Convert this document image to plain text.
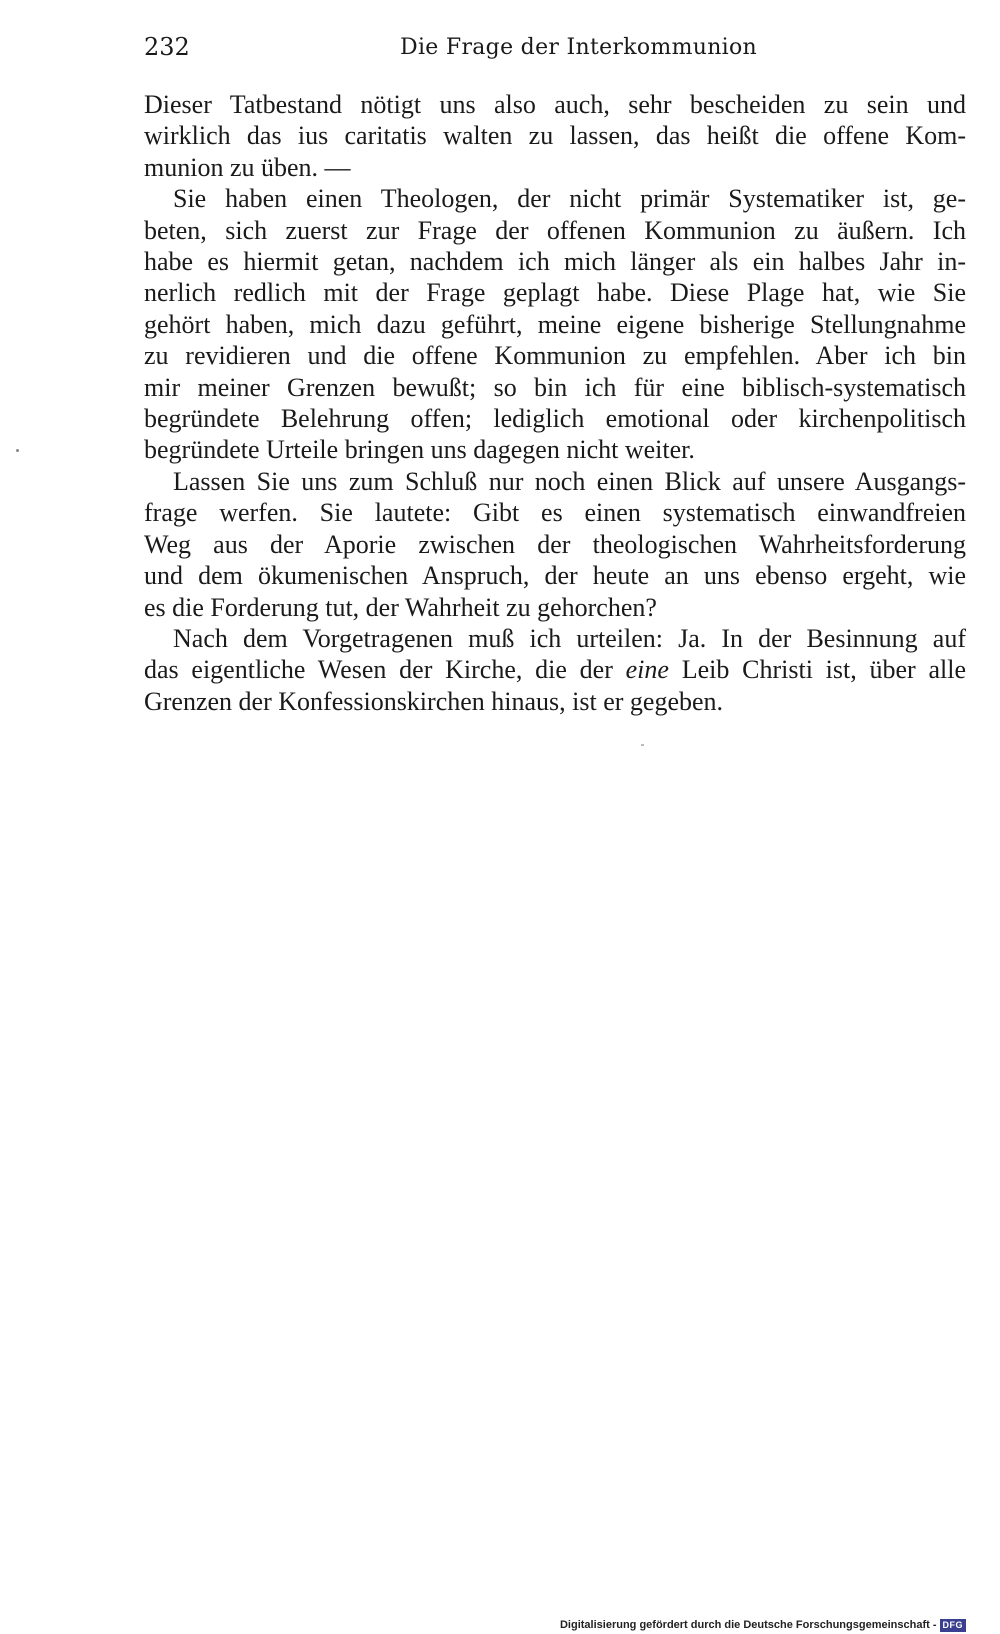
232	Die Frage der Interkommunion
Dieser Tatbestand nötigt uns also auch, sehr bescheiden zu sein und
wirklich das ius caritatis walten zu lassen, das heißt die offene Kom-
munion zu üben. —
Sie haben einen Theologen, der nicht primär Systematiker ist, ge-
beten, sich zuerst zur Frage der offenen Kommunion zu äußern. Ich
habe es hiermit getan, nachdem ich mich länger als ein halbes Jahr in-
nerlich redlich mit der Frage geplagt habe. Diese Plage hat, wie Sie
gehört haben, mich dazu geführt, meine eigene bisherige Stellungnahme
zu revidieren und die offene Kommunion zu empfehlen. Aber ich bin
mir meiner Grenzen bewußt; so bin ich für eine biblisch-systematisch
begründete Belehrung offen; lediglich emotional oder kirchenpolitisch
begründete Urteile bringen uns dagegen nicht weiter.
Lassen Sie uns zum Schluß nur noch einen Blick auf unsere Ausgangs-
frage werfen. Sie lautete: Gibt es einen systematisch einwandfreien
Weg aus der Aporie zwischen der theologischen Wahrheitsforderung
und dem ökumenischen Anspruch, der heute an uns ebenso ergeht, wie
es die Forderung tut, der Wahrheit zu gehorchen?
Nach dem Vorgetragenen muß ich urteilen: Ja. In der Besinnung auf
das eigentliche Wesen der Kirche, die der eine Leib Christi ist, über alle
Grenzen der Konfessionskirchen hinaus, ist er gegeben.
Digitalisierung gefördert durch die Deutsche Forschungsgemeinschaft - DFG
